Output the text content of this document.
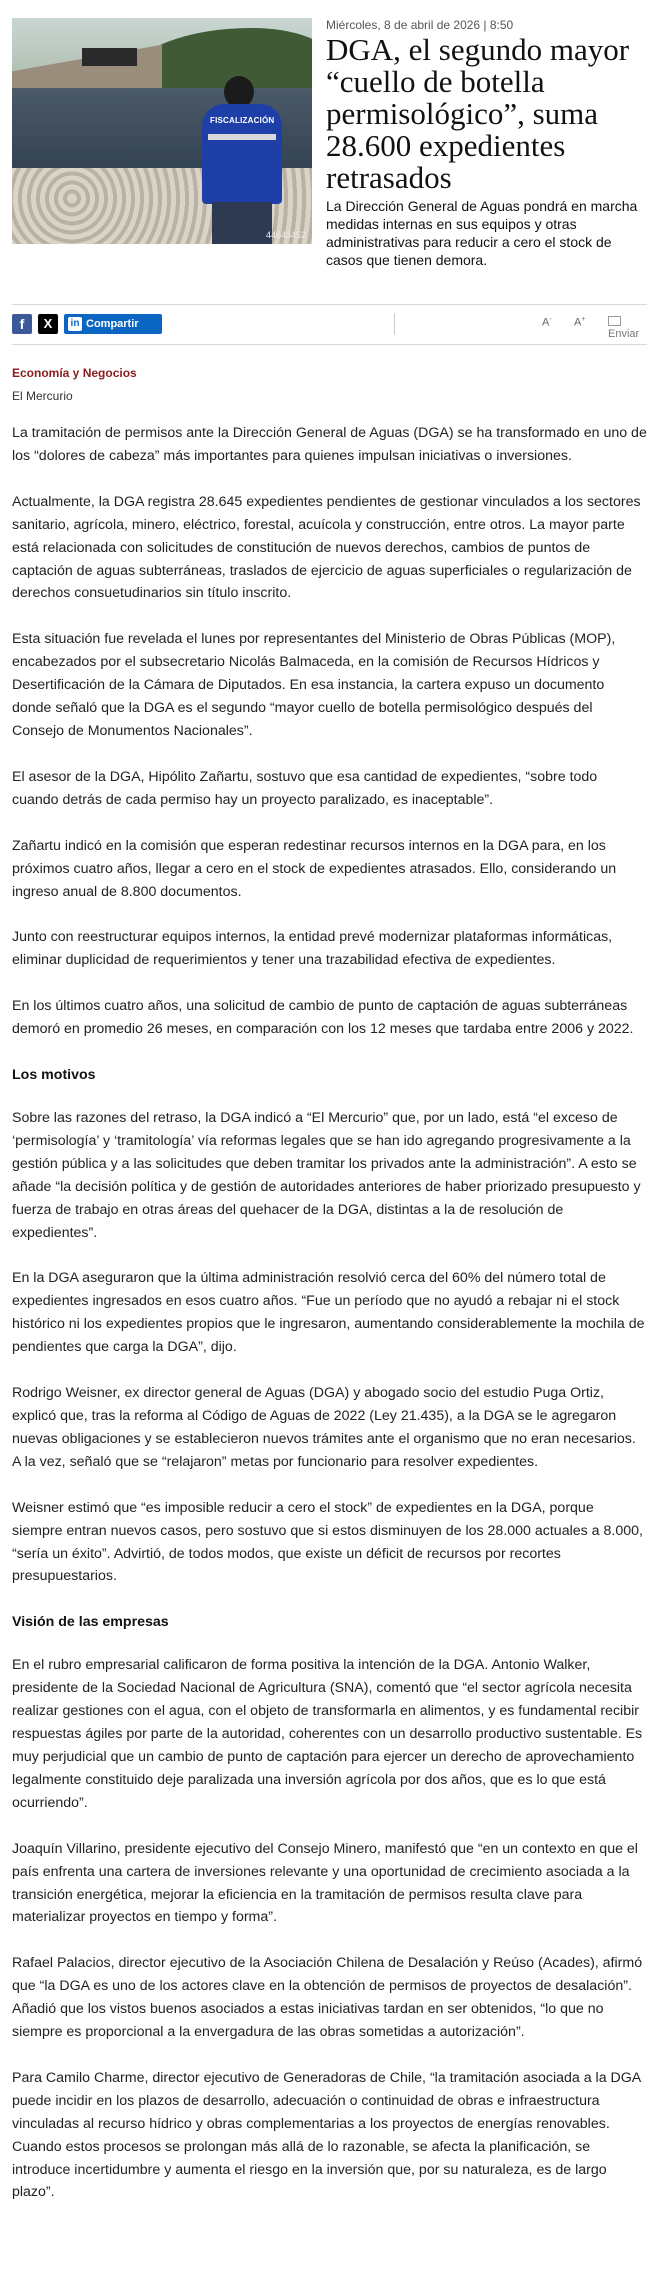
FISCALIZACIÓN
44643452
Miércoles, 8 de abril de 2026 | 8:50
DGA, el segundo mayor “cuello de botella permisológico”, suma 28.600 expedientes retrasados

La Dirección General de Aguas pondrá en marcha medidas internas en sus equipos y otras administrativas para reducir a cero el stock de casos que tienen demora.

f	X	in Compartir	A- A+
Enviar
Economía y Negocios
El Mercurio

La tramitación de permisos ante la Dirección General de Aguas (DGA) se ha transformado en uno de los “dolores de cabeza” más importantes para quienes impulsan iniciativas o inversiones.

Actualmente, la DGA registra 28.645 expedientes pendientes de gestionar vinculados a los sectores sanitario, agrícola, minero, eléctrico, forestal, acuícola y construcción, entre otros. La mayor parte está relacionada con solicitudes de constitución de nuevos derechos, cambios de puntos de captación de aguas subterráneas, traslados de ejercicio de aguas superficiales o regularización de derechos consuetudinarios sin título inscrito.

Esta situación fue revelada el lunes por representantes del Ministerio de Obras Públicas (MOP), encabezados por el subsecretario Nicolás Balmaceda, en la comisión de Recursos Hídricos y Desertificación de la Cámara de Diputados. En esa instancia, la cartera expuso un documento donde señaló que la DGA es el segundo “mayor cuello de botella permisológico después del Consejo de Monumentos Nacionales”.

El asesor de la DGA, Hipólito Zañartu, sostuvo que esa cantidad de expedientes, “sobre todo cuando detrás de cada permiso hay un proyecto paralizado, es inaceptable”.

Zañartu indicó en la comisión que esperan redestinar recursos internos en la DGA para, en los próximos cuatro años, llegar a cero en el stock de expedientes atrasados. Ello, considerando un ingreso anual de 8.800 documentos.

Junto con reestructurar equipos internos, la entidad prevé modernizar plataformas informáticas, eliminar duplicidad de requerimientos y tener una trazabilidad efectiva de expedientes.

En los últimos cuatro años, una solicitud de cambio de punto de captación de aguas subterráneas demoró en promedio 26 meses, en comparación con los 12 meses que tardaba entre 2006 y 2022.

Los motivos

Sobre las razones del retraso, la DGA indicó a “El Mercurio” que, por un lado, está “el exceso de ‘permisología’ y ‘tramitología’ vía reformas legales que se han ido agregando progresivamente a la gestión pública y a las solicitudes que deben tramitar los privados ante la administración”. A esto se añade “la decisión política y de gestión de autoridades anteriores de haber priorizado presupuesto y fuerza de trabajo en otras áreas del quehacer de la DGA, distintas a la de resolución de expedientes”.

En la DGA aseguraron que la última administración resolvió cerca del 60% del número total de expedientes ingresados en esos cuatro años. “Fue un período que no ayudó a rebajar ni el stock histórico ni los expedientes propios que le ingresaron, aumentando considerablemente la mochila de pendientes que carga la DGA”, dijo.

Rodrigo Weisner, ex director general de Aguas (DGA) y abogado socio del estudio Puga Ortiz, explicó que, tras la reforma al Código de Aguas de 2022 (Ley 21.435), a la DGA se le agregaron nuevas obligaciones y se establecieron nuevos trámites ante el organismo que no eran necesarios. A la vez, señaló que se “relajaron” metas por funcionario para resolver expedientes.

Weisner estimó que “es imposible reducir a cero el stock” de expedientes en la DGA, porque siempre entran nuevos casos, pero sostuvo que si estos disminuyen de los 28.000 actuales a 8.000, “sería un éxito”. Advirtió, de todos modos, que existe un déficit de recursos por recortes presupuestarios.

Visión de las empresas

En el rubro empresarial calificaron de forma positiva la intención de la DGA. Antonio Walker, presidente de la Sociedad Nacional de Agricultura (SNA), comentó que “el sector agrícola necesita realizar gestiones con el agua, con el objeto de transformarla en alimentos, y es fundamental recibir respuestas ágiles por parte de la autoridad, coherentes con un desarrollo productivo sustentable. Es muy perjudicial que un cambio de punto de captación para ejercer un derecho de aprovechamiento legalmente constituido deje paralizada una inversión agrícola por dos años, que es lo que está ocurriendo”.

Joaquín Villarino, presidente ejecutivo del Consejo Minero, manifestó que “en un contexto en que el país enfrenta una cartera de inversiones relevante y una oportunidad de crecimiento asociada a la transición energética, mejorar la eficiencia en la tramitación de permisos resulta clave para materializar proyectos en tiempo y forma”.

Rafael Palacios, director ejecutivo de la Asociación Chilena de Desalación y Reúso (Acades), afirmó que “la DGA es uno de los actores clave en la obtención de permisos de proyectos de desalación”. Añadió que los vistos buenos asociados a estas iniciativas tardan en ser obtenidos, “lo que no siempre es proporcional a la envergadura de las obras sometidas a autorización”.

Para Camilo Charme, director ejecutivo de Generadoras de Chile, “la tramitación asociada a la DGA puede incidir en los plazos de desarrollo, adecuación o continuidad de obras e infraestructura vinculadas al recurso hídrico y obras complementarias a los proyectos de energías renovables. Cuando estos procesos se prolongan más allá de lo razonable, se afecta la planificación, se introduce incertidumbre y aumenta el riesgo en la inversión que, por su naturaleza, es de largo plazo”.
